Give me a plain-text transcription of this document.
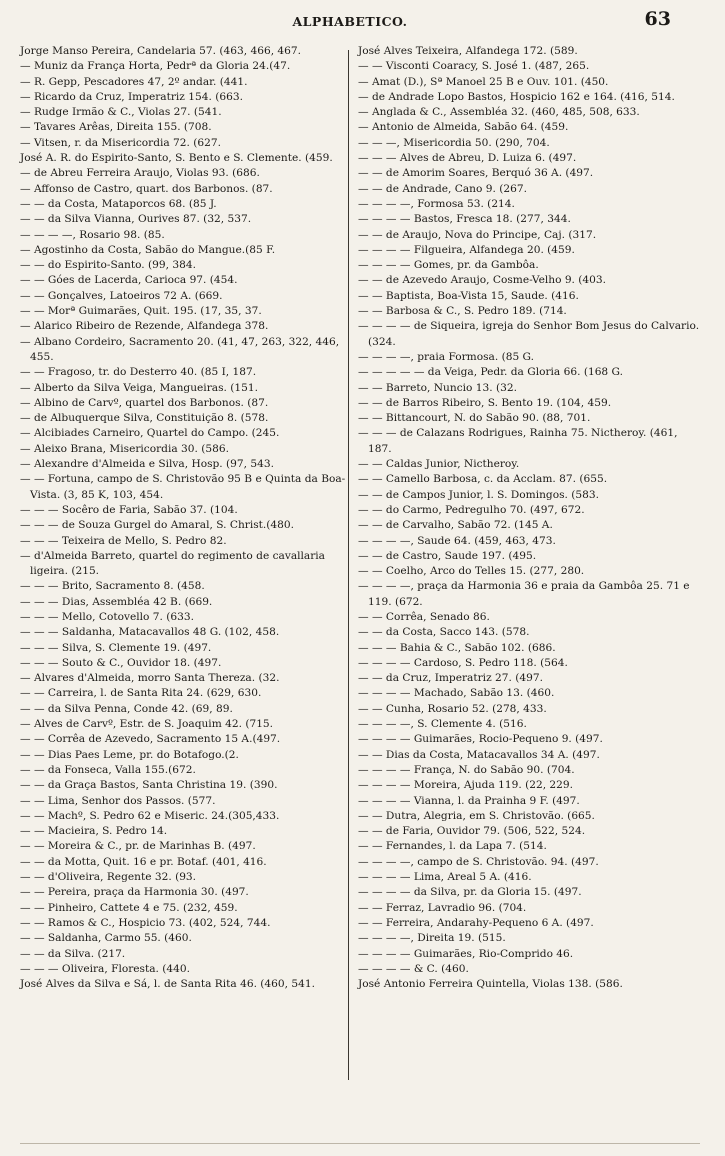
ALPHABETICO.	63

Jorge Manso Pereira, Candelaria 57. (463, 466, 467.

— Muniz da França Horta, Pedrª da Gloria 24.(47.

— R. Gepp, Pescadores 47, 2º andar. (441.

— Ricardo da Cruz, Imperatriz 154. (663.

— Rudge Irmão & C., Violas 27. (541.

— Tavares Arêas, Direita 155. (708.

— Vitsen, r. da Misericordia 72. (627.

José A. R. do Espirito-Santo, S. Bento e S. Clemente. (459.

— de Abreu Ferreira Araujo, Violas 93. (686.

— Affonso de Castro, quart. dos Barbonos. (87.

— — da Costa, Mataporcos 68. (85 J.

— — da Silva Vianna, Ourives 87. (32, 537.

— — — —, Rosario 98. (85.

— Agostinho da Costa, Sabão do Mangue.(85 F.

— — do Espirito-Santo. (99, 384.

— — Góes de Lacerda, Carioca 97. (454.

— — Gonçalves, Latoeiros 72 A. (669.

— — Morª Guimarães, Quit. 195. (17, 35, 37.

— Alarico Ribeiro de Rezende, Alfandega 378.

— Albano Cordeiro, Sacramento 20. (41, 47, 263, 322, 446, 455.

— — Fragoso, tr. do Desterro 40. (85 I, 187.

— Alberto da Silva Veiga, Mangueiras. (151.

— Albino de Carvº, quartel dos Barbonos. (87.

— de Albuquerque Silva, Constituição 8. (578.

— Alcibiades Carneiro, Quartel do Campo. (245.

— Aleixo Brana, Misericordia 30. (586.

— Alexandre d'Almeida e Silva, Hosp. (97, 543.

— — Fortuna, campo de S. Christovão 95 B e Quinta da Boa-Vista. (3, 85 K, 103, 454.

— — — Socêro de Faria, Sabão 37. (104.

— — — de Souza Gurgel do Amaral, S. Christ.(480.

— — — Teixeira de Mello, S. Pedro 82.

— d'Almeida Barreto, quartel do regimento de cavallaria ligeira. (215.

— — — Brito, Sacramento 8. (458.

— — — Dias, Assembléa 42 B. (669.

— — — Mello, Cotovello 7. (633.

— — — Saldanha, Matacavallos 48 G. (102, 458.

— — — Silva, S. Clemente 19. (497.

— — — Souto & C., Ouvidor 18. (497.

— Alvares d'Almeida, morro Santa Thereza. (32.

— — Carreira, l. de Santa Rita 24. (629, 630.

— — da Silva Penna, Conde 42. (69, 89.

— Alves de Carvº, Estr. de S. Joaquim 42. (715.

— — Corrêa de Azevedo, Sacramento 15 A.(497.

— — Dias Paes Leme, pr. do Botafogo.(2.

— — da Fonseca, Valla 155.(672.

— — da Graça Bastos, Santa Christina 19. (390.

— — Lima, Senhor dos Passos. (577.

— — Machº, S. Pedro 62 e Miseric. 24.(305,433.

— — Macieira, S. Pedro 14.

— — Moreira & C., pr. de Marinhas B. (497.

— — da Motta, Quit. 16 e pr. Botaf. (401, 416.

— — d'Oliveira, Regente 32. (93.

— — Pereira, praça da Harmonia 30. (497.

— — Pinheiro, Cattete 4 e 75. (232, 459.

— — Ramos & C., Hospicio 73. (402, 524, 744.

— — Saldanha, Carmo 55. (460.

— — da Silva. (217.

— — — Oliveira, Floresta. (440.

José Alves da Silva e Sá, l. de Santa Rita 46. (460, 541.

José Alves Teixeira, Alfandega 172. (589.

— — Visconti Coaracy, S. José 1. (487, 265.

— Amat (D.), Sª Manoel 25 B e Ouv. 101. (450.

— de Andrade Lopo Bastos, Hospicio 162 e 164. (416, 514.

— Anglada & C., Assembléa 32. (460, 485, 508, 633.

— Antonio de Almeida, Sabão 64. (459.

— — —, Misericordia 50. (290, 704.

— — — Alves de Abreu, D. Luiza 6. (497.

— — de Amorim Soares, Berquó 36 A. (497.

— — de Andrade, Cano 9. (267.

— — — —, Formosa 53. (214.

— — — — Bastos, Fresca 18. (277, 344.

— — de Araujo, Nova do Principe, Caj. (317.

— — — — Filgueira, Alfandega 20. (459.

— — — — Gomes, pr. da Gambôa.

— — de Azevedo Araujo, Cosme-Velho 9. (403.

— — Baptista, Boa-Vista 15, Saude. (416.

— — Barbosa & C., S. Pedro 189. (714.

— — — — de Siqueira, igreja do Senhor Bom Jesus do Calvario. (324.

— — — —, praia Formosa. (85 G.

— — — — — da Veiga, Pedr. da Gloria 66. (168 G.

— — Barreto, Nuncio 13. (32.

— — de Barros Ribeiro, S. Bento 19. (104, 459.

— — Bittancourt, N. do Sabão 90. (88, 701.

— — — de Calazans Rodrigues, Rainha 75. Nictheroy. (461, 187.

— — Caldas Junior, Nictheroy.

— — Camello Barbosa, c. da Acclam. 87. (655.

— — de Campos Junior, l. S. Domingos. (583.

— — do Carmo, Pedregulho 70. (497, 672.

— — de Carvalho, Sabão 72. (145 A.

— — — —, Saude 64. (459, 463, 473.

— — de Castro, Saude 197. (495.

— — Coelho, Arco do Telles 15. (277, 280.

— — — —, praça da Harmonia 36 e praia da Gambôa 25. 71 e 119. (672.

— — Corrêa, Senado 86.

— — da Costa, Sacco 143. (578.

— — — Bahia & C., Sabão 102. (686.

— — — — Cardoso, S. Pedro 118. (564.

— — da Cruz, Imperatriz 27. (497.

— — — — Machado, Sabão 13. (460.

— — Cunha, Rosario 52. (278, 433.

— — — —, S. Clemente 4. (516.

— — — — Guimarães, Rocio-Pequeno 9. (497.

— — Dias da Costa, Matacavallos 34 A. (497.

— — — — França, N. do Sabão 90. (704.

— — — — Moreira, Ajuda 119. (22, 229.

— — — — Vianna, l. da Prainha 9 F. (497.

— — Dutra, Alegria, em S. Christovão. (665.

— — de Faria, Ouvidor 79. (506, 522, 524.

— — Fernandes, l. da Lapa 7. (514.

— — — —, campo de S. Christovão. 94. (497.

— — — — Lima, Areal 5 A. (416.

— — — — da Silva, pr. da Gloria 15. (497.

— — Ferraz, Lavradio 96. (704.

— — Ferreira, Andarahy-Pequeno 6 A. (497.

— — — —, Direita 19. (515.

— — — — Guimarães, Rio-Comprido 46.

— — — — & C. (460.

José Antonio Ferreira Quintella, Violas 138. (586.
